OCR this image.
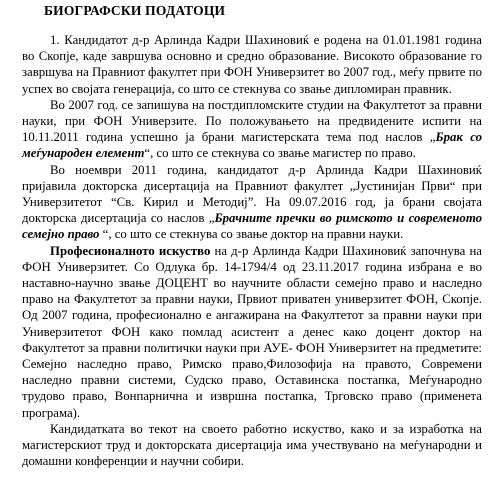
БИОГРАФСКИ ПОДАТОЦИ

1. Кандидатот д-р Арлинда Кадри Шахиновиќ е родена на 01.01.1981 година во Скопје, каде завршува основно и средно образование. Високото образование го завршува на Правниот факултет при ФОН Универзитет во 2007 год., меѓу првите по успех во својата генерација, со што се стекнува со звање дипломиран правник.

Во 2007 год. се запишува на постдипломските студии на Факултетот за правни науки, при ФОН Универзите. По положувањето на предвидените испити на 10.11.2011 година успешно ја брани магистерската тема под наслов „Брак со меѓународен елемент“, со што се стекнува со звање магистер по право.

Во ноември 2011 година, кандидатот д-р Арлинда Кадри Шахиновиќ пријавила докторска дисертација на Правниот факултет „Јустинијан Први“ при Универзитетот “Св. Кирил и Методиј”. На 09.07.2016 год, ја брани својата докторска дисертација со наслов „Брачните пречки во римското и современото семејно право “, со што се стекнува со звање доктор на правни науки.

Професионалното искуство на д-р Арлинда Кадри Шахиновиќ започнува на ФОН Универзитет. Со Одлука бр. 14-1794/4 од 23.11.2017 година избрана е во наставно-научно звање ДОЦЕНТ во научните области семејно право и наследно право на Факултетот за правни науки, Првиот приватен универзитет ФОН, Скопје. Од 2007 година, професионално е ангажирана на Факултетот за правни науки при Универзитетот ФОН како помлад асистент а денес како доцент доктор на Факултетот за правни политички науки при АУЕ- ФОН Универзитет на предметите: Семејно наследно право, Римско право,Филозофија на правото, Современи наследно правни системи, Судско право, Оставинска постапка, Меѓународно трудово право, Вонпарнична и извршна постапка, Трговско право (применета програма).

Кандидатката во текот на своето работно искуство, како и за изработка на магистерскиот труд и докторската дисертација има учествувано на меѓународни и домашни конференции и научни собири.
